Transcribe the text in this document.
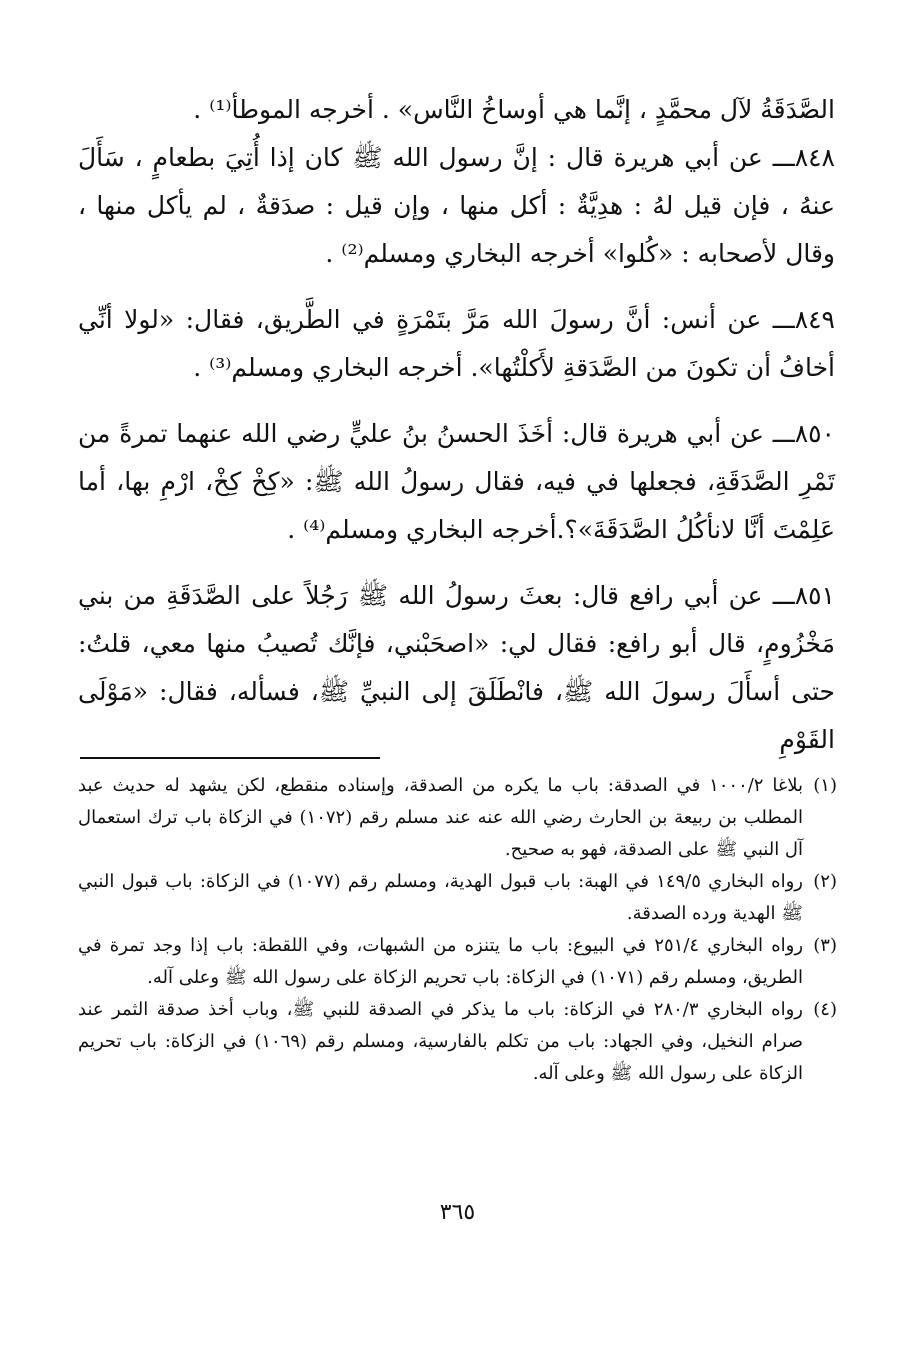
الصَّدَقَةُ لآل محمَّدٍ ، إنَّما هي أوساخُ النَّاس» . أخرجه الموطأ⁽¹⁾ .

٨٤٨ـــ عن أبي هريرة قال : إنَّ رسول الله ﷺ كان إذا أُتِيَ بطعامٍ ، سَأَلَ عنهُ ، فإن قيل لهُ : هدِيَّةٌ : أكل منها ، وإن قيل : صدَقةٌ ، لم يأكل منها ، وقال لأصحابه : «كُلوا» أخرجه البخاري ومسلم⁽²⁾ .

٨٤٩ـــ عن أنس: أنَّ رسولَ الله مَرَّ بتَمْرَةٍ في الطَّريق، فقال: «لولا أنِّي أخافُ أن تكونَ من الصَّدَقةِ لأَكلْتُها». أخرجه البخاري ومسلم⁽³⁾ .

٨٥٠ـــ عن أبي هريرة قال: أخَذَ الحسنُ بنُ عليٍّ رضي الله عنهما تمرةً من تَمْرِ الصَّدَقَةِ، فجعلها في فيه، فقال رسولُ الله ﷺ: «كِخْ كِخْ، ارْمِ بها، أما عَلِمْتَ أنَّا لانأكُلُ الصَّدَقَةَ»؟.أخرجه البخاري ومسلم⁽⁴⁾ .

٨٥١ـــ عن أبي رافع قال: بعثَ رسولُ الله ﷺ رَجُلاً على الصَّدَقَةِ من بني مَخْزُومٍ، قال أبو رافع: فقال لي: «اصحَبْني، فإنَّك تُصيبُ منها معي، قلتُ: حتى أسأَلَ رسولَ الله ﷺ، فانْطَلَقَ إلى النبيِّ ﷺ، فسأله، فقال: «مَوْلَى القَوْمِ

(١)
بلاغا ١٠٠٠/٢ في الصدقة: باب ما يكره من الصدقة، وإسناده منقطع، لكن يشهد له حديث عبد المطلب بن ربيعة بن الحارث رضي الله عنه عند مسلم رقم (١٠٧٢) في الزكاة باب ترك استعمال آل النبي ﷺ على الصدقة، فهو به صحيح.

(٢)
رواه البخاري ١٤٩/٥ في الهبة: باب قبول الهدية، ومسلم رقم (١٠٧٧) في الزكاة: باب قبول النبي ﷺ الهدية ورده الصدقة.

(٣)
رواه البخاري ٢٥١/٤ في البيوع: باب ما يتنزه من الشبهات، وفي اللقطة: باب إذا وجد تمرة في الطريق، ومسلم رقم (١٠٧١) في الزكاة: باب تحريم الزكاة على رسول الله ﷺ وعلى آله.

(٤)
رواه البخاري ٢٨٠/٣ في الزكاة: باب ما يذكر في الصدقة للنبي ﷺ، وباب أخذ صدقة الثمر عند صرام النخيل، وفي الجهاد: باب من تكلم بالفارسية، ومسلم رقم (١٠٦٩) في الزكاة: باب تحريم الزكاة على رسول الله ﷺ وعلى آله.

٣٦٥
